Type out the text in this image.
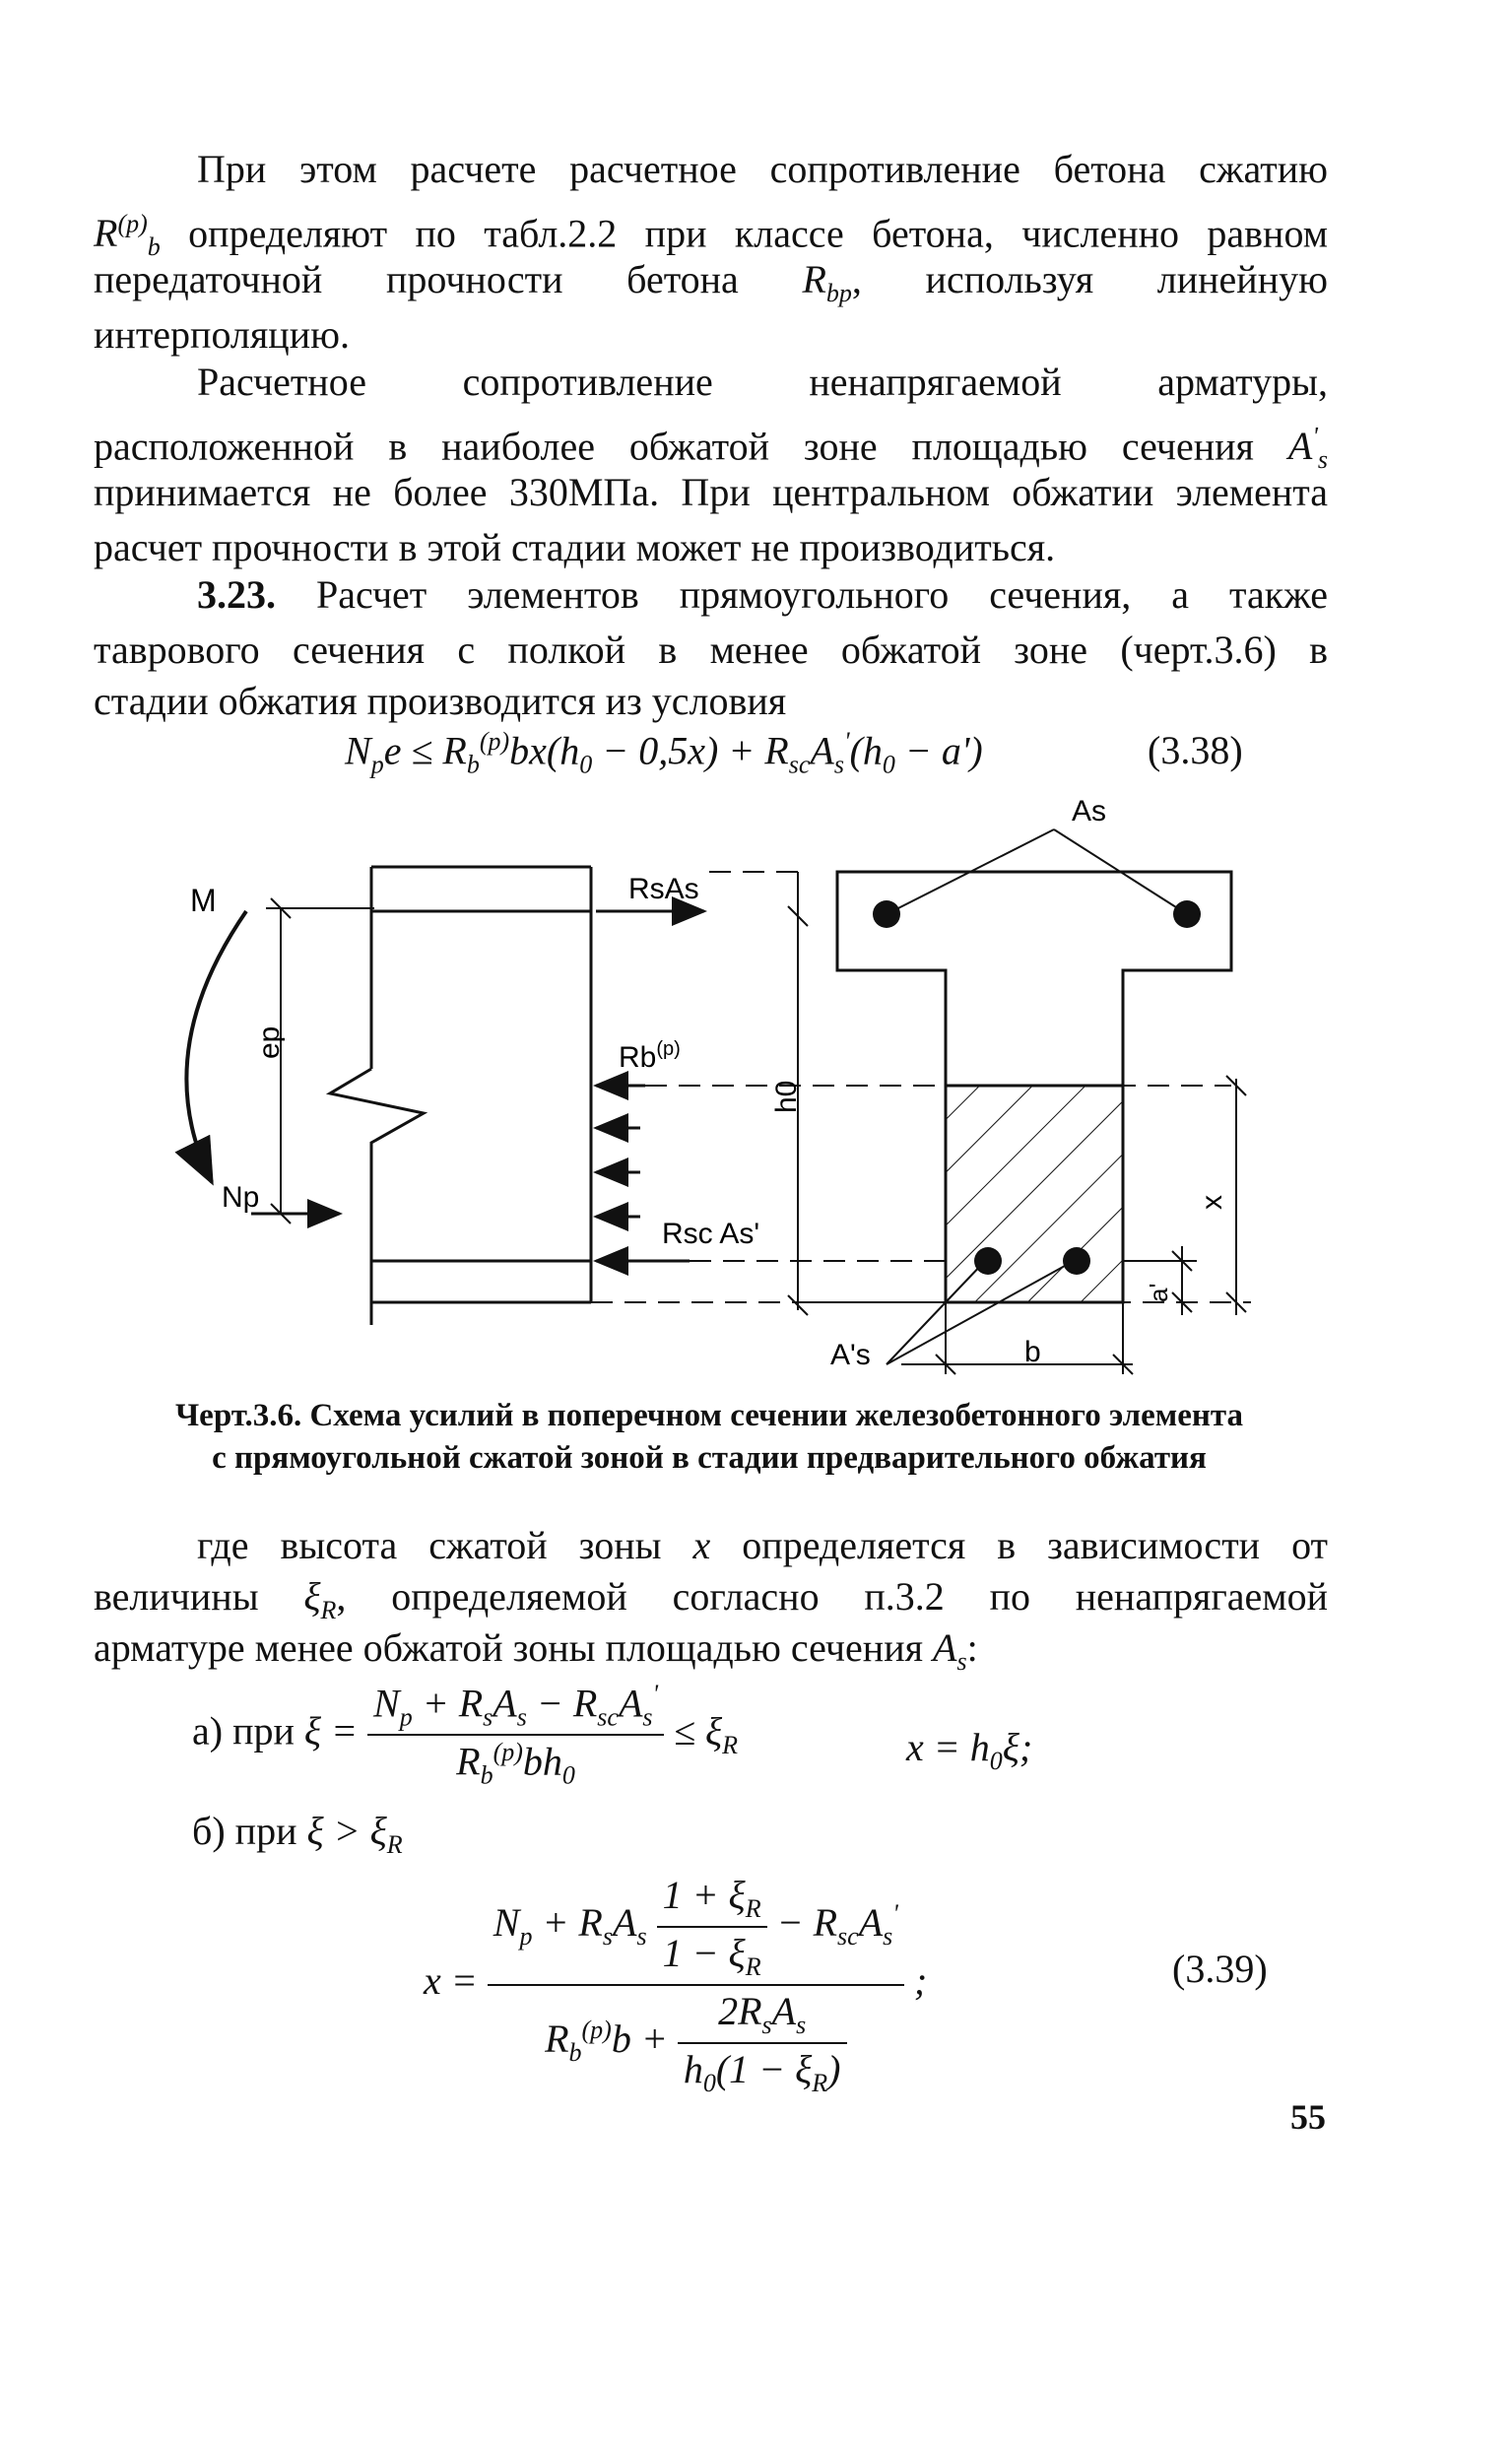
При этом расчете расчетное сопротивление бетона сжатию
$R^{(p)}_b$ определяют по табл.2.2 при классе бетона, численно равном
передаточной прочности бетона $R_{bp}$, используя линейную
интерполяцию.
Расчетное сопротивление ненапрягаемой арматуры,
расположенной в наиболее обжатой зоне площадью сечения $A'_s$
принимается не более 330МПа. При центральном обжатии элемента
расчет прочности в этой стадии может не производиться.
3.23. Расчет элементов прямоугольного сечения, а также
таврового сечения с полкой в менее обжатой зоне (черт.3.6) в
стадии обжатия производится из условия
$N_pe \le R_b^{(p)}bx(h_0 - 0,5x) + R_{sc}A_s'(h_0 - a')$	(3.38)
M
ep
Np
RsAs
Rb$^{(p)}$
Rsc As'
h0
As
A's	b
x
a'
Черт.3.6. Схема усилий в поперечном сечении железобетонного элемента
с прямоугольной сжатой зоной в стадии предварительного обжатия
где высота сжатой зоны x определяется в зависимости от
величины $\xi_R$, определяемой согласно п.3.2 по ненапрягаемой
арматуре менее обжатой зоны площадью сечения $A_s$:
а) при $\xi = \frac{N_p + R_sA_s - R_{sc}A_s'}{R_b^{(p)}bh_0} \le \xi_R$	$x = h_0\xi$;
б) при $\xi > \xi_R$
$x = \frac{N_p + R_sA_s \frac{1 + \xi_R}{1 - \xi_R} - R_{sc}A_s'}{R_b^{(p)}b + \frac{2R_sA_s}{h_0(1 - \xi_R)}}$ ;	(3.39)
55
